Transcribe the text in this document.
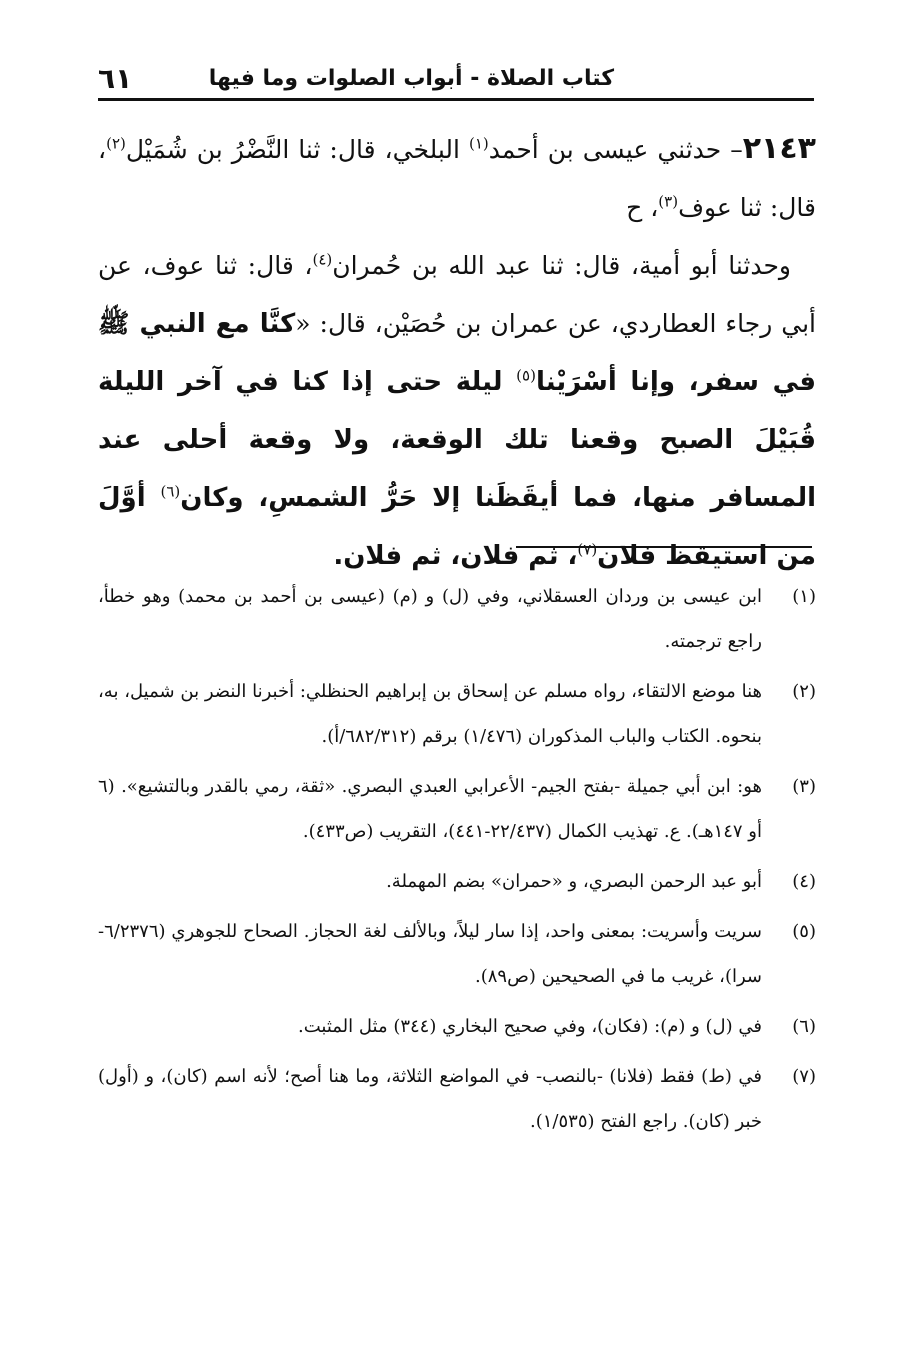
كتاب الصلاة - أبواب الصلوات وما فيها
٦١

٢١٤٣– حدثني عيسى بن أحمد$^{(١)}$ البلخي، قال: ثنا النَّضْرُ بن شُمَيْل$^{(٢)}$، قال: ثنا عوف$^{(٣)}$، ح

 وحدثنا أبو أمية، قال: ثنا عبد الله بن حُمران$^{(٤)}$، قال: ثنا عوف، عن أبي رجاء العطاردي، عن عمران بن حُصَيْن، قال: «كنَّا مع النبي ﷺ في سفر، وإنا أسْرَيْنا$^{(٥)}$ ليلة حتى إذا كنا في آخر الليلة قُبَيْلَ الصبح وقعنا تلك الوقعة، ولا وقعة أحلى عند المسافر منها، فما أيقَظَنا إلا حَرُّ الشمسِ، وكان$^{(٦)}$ أوَّلَ من استيقظ فلان$^{(٧)}$، ثم فلان، ثم فلان.

(١)
ابن عيسى بن وردان العسقلاني، وفي (ل) و (م) (عيسى بن أحمد بن محمد) وهو خطأ، راجع ترجمته.
(٢)
هنا موضع الالتقاء، رواه مسلم عن إسحاق بن إبراهيم الحنظلي: أخبرنا النضر بن شميل، به، بنحوه. الكتاب والباب المذكوران (١/٤٧٦) برقم (٦٨٢/٣١٢/أ).
(٣)
هو: ابن أبي جميلة -بفتح الجيم- الأعرابي العبدي البصري. «ثقة، رمي بالقدر وبالتشيع». (٦ أو ١٤٧هـ). ع. تهذيب الكمال (٢٢/٤٣٧-٤٤١)، التقريب (ص٤٣٣).
(٤)
أبو عبد الرحمن البصري، و «حمران» بضم المهملة.
(٥)
سريت وأسريت: بمعنى واحد، إذا سار ليلاً، وبالألف لغة الحجاز. الصحاح للجوهري (٦/٢٣٧٦- سرا)، غريب ما في الصحيحين (ص٨٩).
(٦)
في (ل) و (م): (فكان)، وفي صحيح البخاري (٣٤٤) مثل المثبت.
(٧)
في (ط) فقط (فلانا) -بالنصب- في المواضع الثلاثة، وما هنا أصح؛ لأنه اسم (كان)، و (أول) خبر (كان). راجع الفتح (١/٥٣٥).
